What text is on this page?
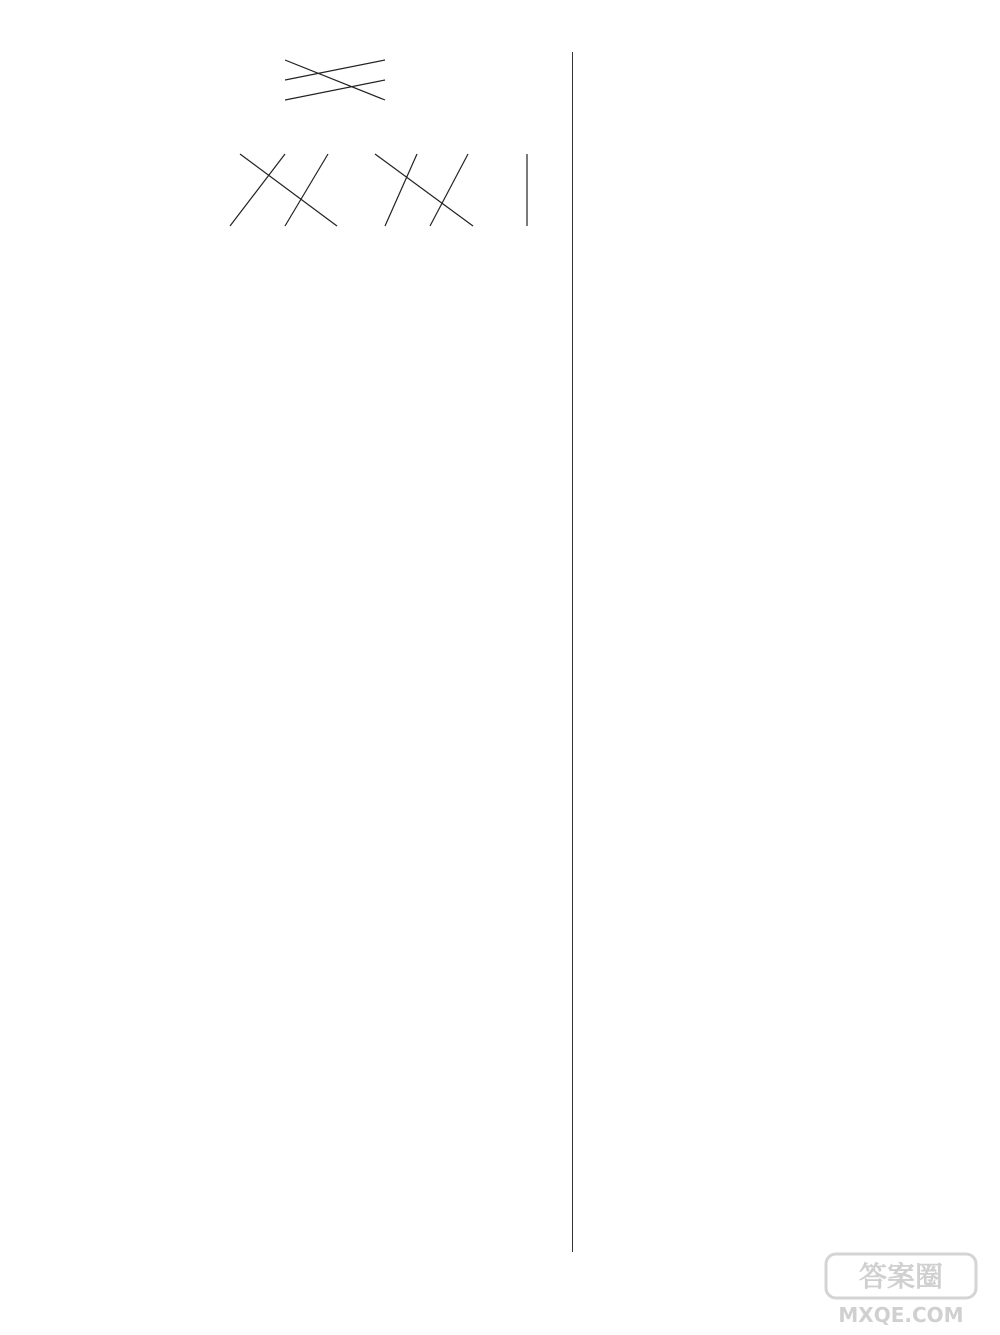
答案圈
MXQE.COM
